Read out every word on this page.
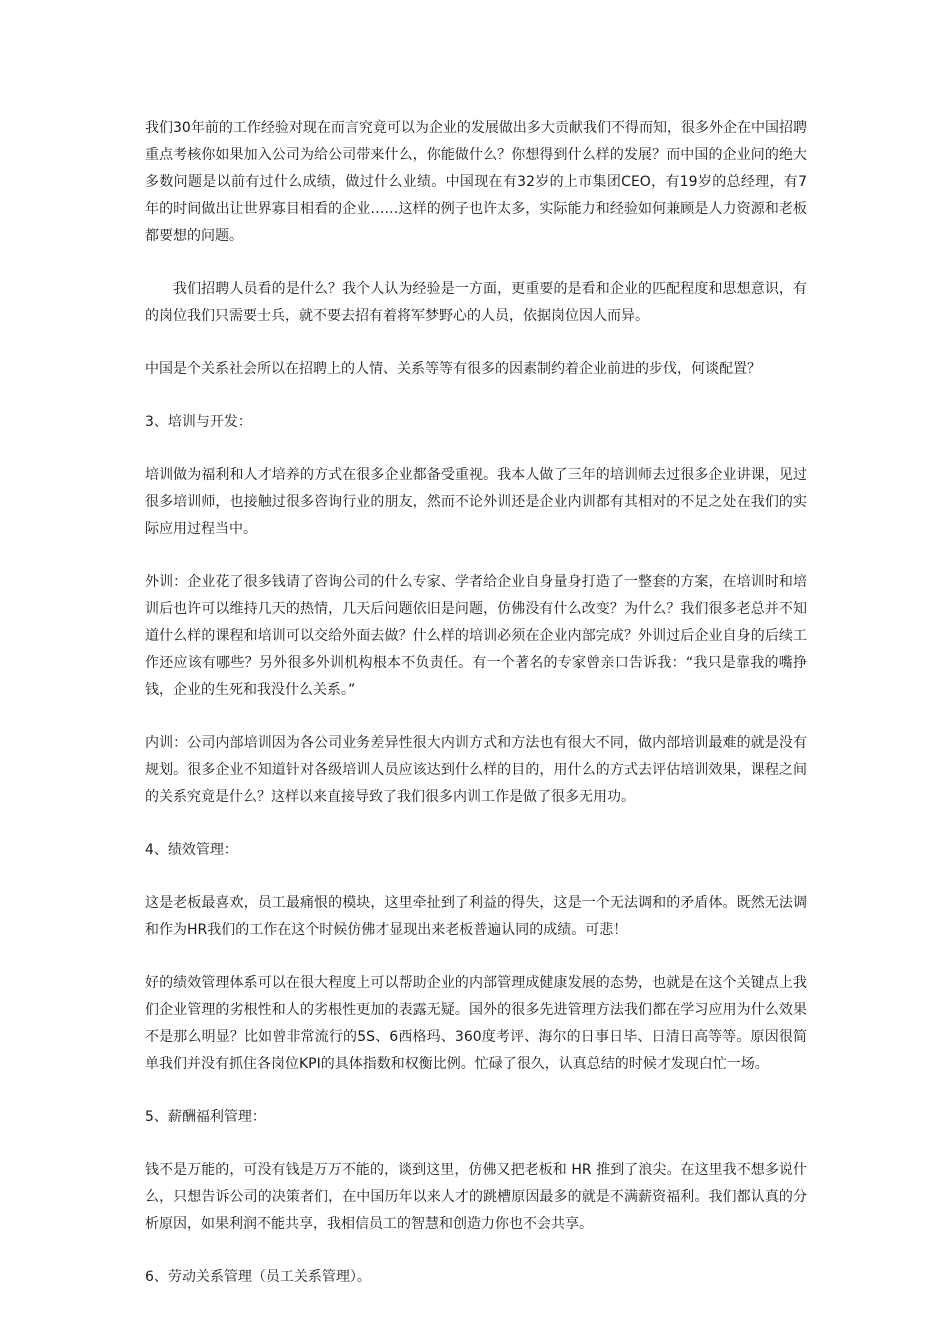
我们30年前的工作经验对现在而言究竟可以为企业的发展做出多大贡献我们不得而知，很多外企在中国招聘重点考核你如果加入公司为给公司带来什么，你能做什么？你想得到什么样的发展？而中国的企业问的绝大多数问题是以前有过什么成绩，做过什么业绩。中国现在有32岁的上市集团CEO，有19岁的总经理，有7年的时间做出让世界寡目相看的企业……这样的例子也许太多，实际能力和经验如何兼顾是人力资源和老板都要想的问题。

我们招聘人员看的是什么？我个人认为经验是一方面，更重要的是看和企业的匹配程度和思想意识，有的岗位我们只需要士兵，就不要去招有着将军梦野心的人员，依据岗位因人而异。

中国是个关系社会所以在招聘上的人情、关系等等有很多的因素制约着企业前进的步伐，何谈配置？

3、培训与开发：

培训做为福利和人才培养的方式在很多企业都备受重视。我本人做了三年的培训师去过很多企业讲课，见过很多培训师，也接触过很多咨询行业的朋友，然而不论外训还是企业内训都有其相对的不足之处在我们的实际应用过程当中。

外训：企业花了很多钱请了咨询公司的什么专家、学者给企业自身量身打造了一整套的方案，在培训时和培训后也许可以维持几天的热情，几天后问题依旧是问题，仿佛没有什么改变？为什么？我们很多老总并不知道什么样的课程和培训可以交给外面去做？什么样的培训必须在企业内部完成？外训过后企业自身的后续工作还应该有哪些？另外很多外训机构根本不负责任。有一个著名的专家曾亲口告诉我：“我只是靠我的嘴挣钱，企业的生死和我没什么关系。”

内训：公司内部培训因为各公司业务差异性很大内训方式和方法也有很大不同，做内部培训最难的就是没有规划。很多企业不知道针对各级培训人员应该达到什么样的目的，用什么的方式去评估培训效果，课程之间的关系究竟是什么？这样以来直接导致了我们很多内训工作是做了很多无用功。

4、绩效管理：

这是老板最喜欢，员工最痛恨的模块，这里牵扯到了利益的得失，这是一个无法调和的矛盾体。既然无法调和作为HR我们的工作在这个时候仿佛才显现出来老板普遍认同的成绩。可悲！

好的绩效管理体系可以在很大程度上可以帮助企业的内部管理成健康发展的态势，也就是在这个关键点上我们企业管理的劣根性和人的劣根性更加的表露无疑。国外的很多先进管理方法我们都在学习应用为什么效果不是那么明显？比如曾非常流行的5S、6西格玛、360度考评、海尔的日事日毕、日清日高等等。原因很简单我们并没有抓住各岗位KPI的具体指数和权衡比例。忙碌了很久，认真总结的时候才发现白忙一场。

5、薪酬福利管理：

钱不是万能的，可没有钱是万万不能的，谈到这里，仿佛又把老板和 HR 推到了浪尖。在这里我不想多说什么，只想告诉公司的决策者们，在中国历年以来人才的跳槽原因最多的就是不满薪资福利。我们都认真的分析原因，如果利润不能共享，我相信员工的智慧和创造力你也不会共享。

6、劳动关系管理（员工关系管理）。
